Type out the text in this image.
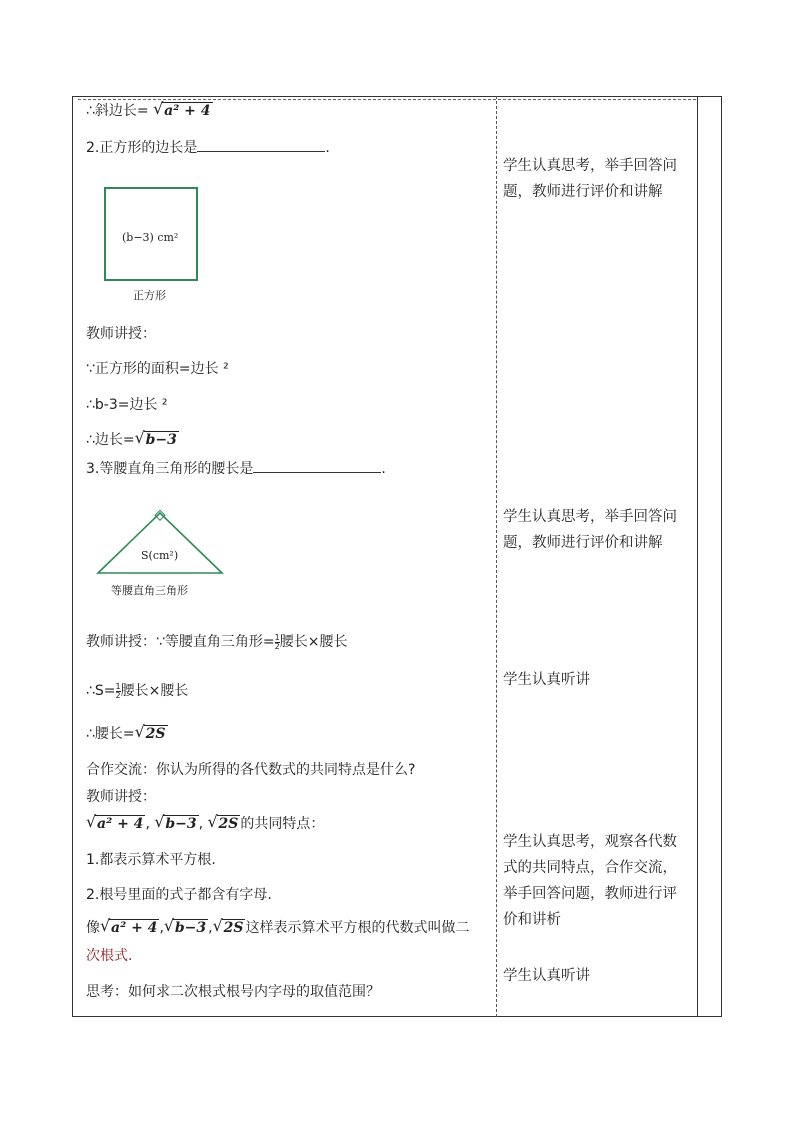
∴斜边长= √ a² + 4
2.正方形的边长是	.
(b−3) cm²
正方形
教师讲授：
∵正方形的面积=边长 ²
∴b-3=边长 ²
∴边长= √ b−3
3.等腰直角三角形的腰长是	.
S(cm²)
等腰直角三角形
教师讲授：∵等腰直角三角形= $\frac{1}{2}$ 腰长×腰长
∴S= $\frac{1}{2}$ 腰长×腰长
∴腰长= √ 2S
合作交流：你认为所得的各代数式的共同特点是什么?
教师讲授：
√ a² + 4 , √ b−3 , √ 2S 的共同特点：
1.都表示算术平方根.
2.根号里面的式子都含有字母.
像 √ a² + 4 , √ b−3 , √ 2S 这样表示算术平方根的代数式叫做二
次根式.
思考：如何求二次根式根号内字母的取值范围？
学生认真思考，举手回答问题，教师进行评价和讲解
学生认真思考，举手回答问题，教师进行评价和讲解
学生认真听讲
学生认真思考，观察各代数式的共同特点，合作交流，举手回答问题，教师进行评价和讲析
学生认真听讲
